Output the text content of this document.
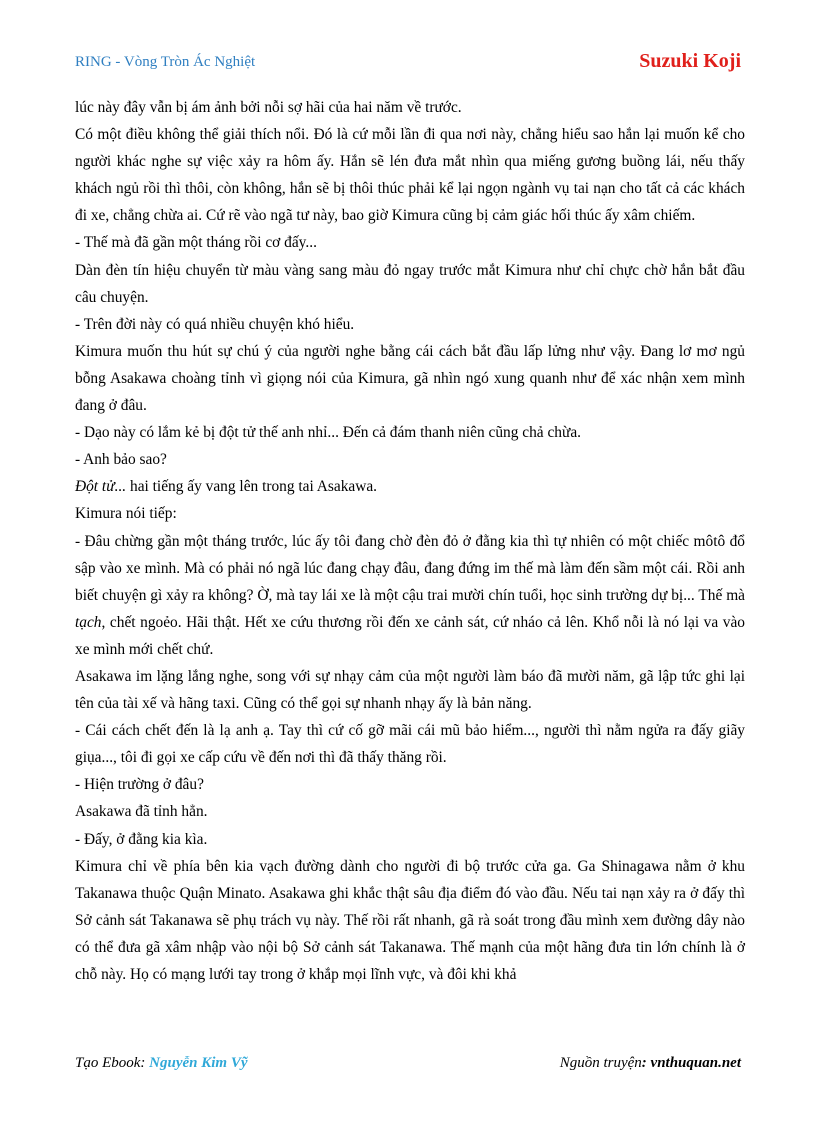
RING - Vòng Tròn Ác Nghiệt	Suzuki Koji

lúc này đây vẫn bị ám ảnh bởi nỗi sợ hãi của hai năm về trước.

Có một điều không thể giải thích nổi. Đó là cứ mỗi lần đi qua nơi này, chẳng hiểu sao hắn lại muốn kể cho người khác nghe sự việc xảy ra hôm ấy. Hắn sẽ lén đưa mắt nhìn qua miếng gương buồng lái, nếu thấy khách ngủ rồi thì thôi, còn không, hắn sẽ bị thôi thúc phải kể lại ngọn ngành vụ tai nạn cho tất cả các khách đi xe, chẳng chừa ai. Cứ rẽ vào ngã tư này, bao giờ Kimura cũng bị cảm giác hối thúc ấy xâm chiếm.

- Thế mà đã gần một tháng rồi cơ đấy...

Dàn đèn tín hiệu chuyển từ màu vàng sang màu đỏ ngay trước mắt Kimura như chỉ chực chờ hắn bắt đầu câu chuyện.

- Trên đời này có quá nhiều chuyện khó hiểu.

Kimura muốn thu hút sự chú ý của người nghe bằng cái cách bắt đầu lấp lửng như vậy. Đang lơ mơ ngủ bỗng Asakawa choàng tỉnh vì giọng nói của Kimura, gã nhìn ngó xung quanh như để xác nhận xem mình đang ở đâu.

- Dạo này có lắm kẻ bị đột tử thế anh nhỉ... Đến cả đám thanh niên cũng chả chừa.

- Anh bảo sao?

Đột tử... hai tiếng ấy vang lên trong tai Asakawa.

Kimura nói tiếp:

- Đâu chừng gần một tháng trước, lúc ấy tôi đang chờ đèn đỏ ở đằng kia thì tự nhiên có một chiếc môtô đổ sập vào xe mình. Mà có phải nó ngã lúc đang chạy đâu, đang đứng im thế mà làm đến sầm một cái. Rồi anh biết chuyện gì xảy ra không? Ờ, mà tay lái xe là một cậu trai mười chín tuổi, học sinh trường dự bị... Thế mà tạch, chết ngoẻo. Hãi thật. Hết xe cứu thương rồi đến xe cảnh sát, cứ nháo cả lên. Khổ nỗi là nó lại va vào xe mình mới chết chứ.

Asakawa im lặng lắng nghe, song với sự nhạy cảm của một người làm báo đã mười năm, gã lập tức ghi lại tên của tài xế và hãng taxi. Cũng có thể gọi sự nhanh nhạy ấy là bản năng.

- Cái cách chết đến là lạ anh ạ. Tay thì cứ cố gỡ mãi cái mũ bảo hiểm..., người thì nằm ngửa ra đấy giãy giụa..., tôi đi gọi xe cấp cứu về đến nơi thì đã thấy thăng rồi.

- Hiện trường ở đâu?

Asakawa đã tỉnh hẳn.

- Đấy, ở đằng kia kìa.

Kimura chỉ về phía bên kia vạch đường dành cho người đi bộ trước cửa ga. Ga Shinagawa nằm ở khu Takanawa thuộc Quận Minato. Asakawa ghi khắc thật sâu địa điểm đó vào đầu. Nếu tai nạn xảy ra ở đấy thì Sở cảnh sát Takanawa sẽ phụ trách vụ này. Thế rồi rất nhanh, gã rà soát trong đầu mình xem đường dây nào có thể đưa gã xâm nhập vào nội bộ Sở cảnh sát Takanawa. Thế mạnh của một hãng đưa tin lớn chính là ở chỗ này. Họ có mạng lưới tay trong ở khắp mọi lĩnh vực, và đôi khi khả

Tạo Ebook: Nguyễn Kim Vỹ	Nguồn truyện: vnthuquan.net
